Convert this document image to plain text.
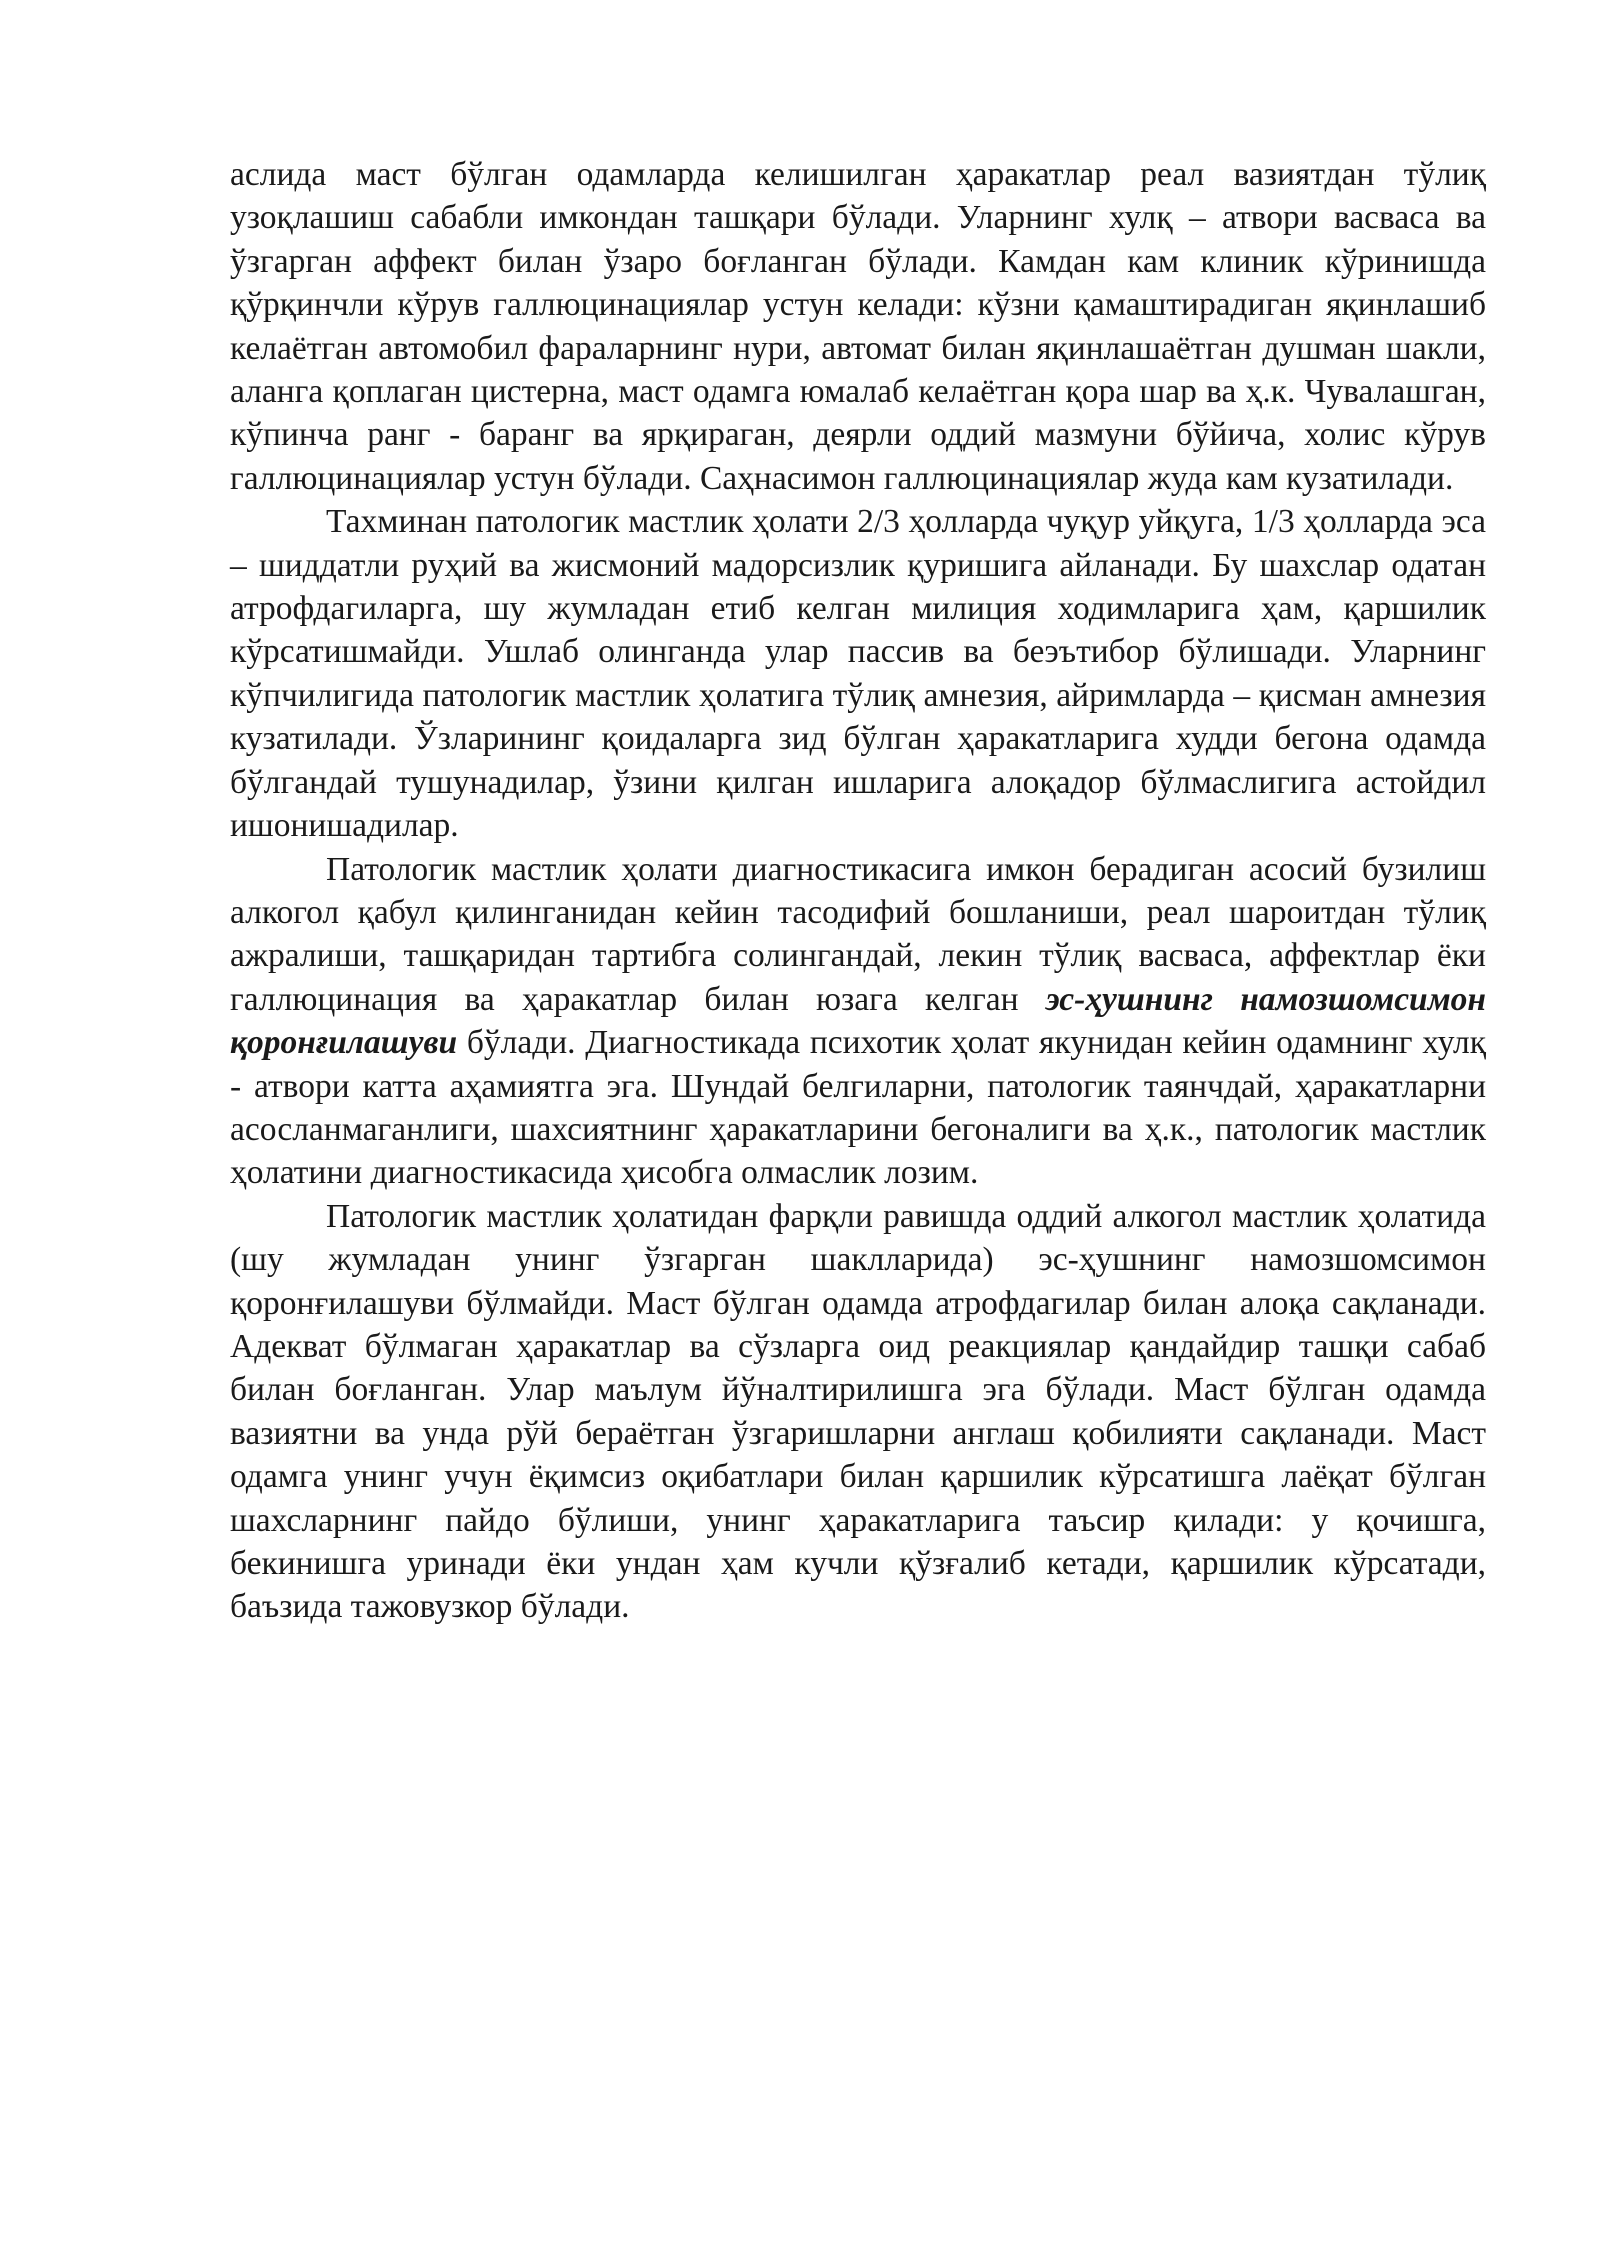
аслида маст бўлган одамларда келишилган ҳаракатлар реал вазиятдан тўлиқ узоқлашиш сабабли имкондан ташқари бўлади. Уларнинг хулқ – атвори васваса ва ўзгарган аффект билан ўзаро боғланган бўлади. Камдан кам клиник кўринишда қўрқинчли кўрув галлюцинациялар устун келади: кўзни қамаштирадиган яқинлашиб келаётган автомобил фараларнинг нури, автомат билан яқинлашаётган душман шакли, аланга қоплаган цистерна, маст одамга юмалаб келаётган қора шар ва ҳ.к. Чувалашган, кўпинча ранг - баранг ва ярқираган, деярли оддий мазмуни бўйича, холис кўрув галлюцинациялар устун бўлади. Саҳнасимон галлюцинациялар жуда кам кузатилади.

Тахминан патологик мастлик ҳолати 2/3 ҳолларда чуқур уйқуга, 1/3 ҳолларда эса – шиддатли руҳий ва жисмоний мадорсизлик қуришига айланади. Бу шахслар одатан атрофдагиларга, шу жумладан етиб келган милиция ходимларига ҳам, қаршилик кўрсатишмайди. Ушлаб олинганда улар пассив ва беэътибор бўлишади. Уларнинг кўпчилигида патологик мастлик ҳолатига тўлиқ амнезия, айримларда – қисман амнезия кузатилади. Ўзларининг қоидаларга зид бўлган ҳаракатларига худди бегона одамда бўлгандай тушунадилар, ўзини қилган ишларига алоқадор бўлмаслигига астойдил ишонишадилар.

Патологик мастлик ҳолати диагностикасига имкон берадиган асосий бузилиш алкогол қабул қилинганидан кейин тасодифий бошланиши, реал шароитдан тўлиқ ажралиши, ташқаридан тартибга солингандай, лекин тўлиқ васваса, аффектлар ёки галлюцинация ва ҳаракатлар билан юзага келган эс-ҳушнинг намозшомсимон қоронғилашуви бўлади. Диагностикада психотик ҳолат якунидан кейин одамнинг хулқ - атвори катта аҳамиятга эга. Шундай белгиларни, патологик таянчдай, ҳаракатларни асосланмаганлиги, шахсиятнинг ҳаракатларини бегоналиги ва ҳ.к., патологик мастлик ҳолатини диагностикасида ҳисобга олмаслик лозим.

Патологик мастлик ҳолатидан фарқли равишда оддий алкогол мастлик ҳолатида (шу жумладан унинг ўзгарган шаклларида) эс-ҳушнинг намозшомсимон қоронғилашуви бўлмайди. Маст бўлган одамда атрофдагилар билан алоқа сақланади. Адекват бўлмаган ҳаракатлар ва сўзларга оид реакциялар қандайдир ташқи сабаб билан боғланган. Улар маълум йўналтирилишга эга бўлади. Маст бўлган одамда вазиятни ва унда рўй бераётган ўзгаришларни англаш қобилияти сақланади. Маст одамга унинг учун ёқимсиз оқибатлари билан қаршилик кўрсатишга лаёқат бўлган шахсларнинг пайдо бўлиши, унинг ҳаракатларига таъсир қилади: у қочишга, бекинишга уринади ёки ундан ҳам кучли қўзғалиб кетади, қаршилик кўрсатади, баъзида тажовузкор бўлади.
